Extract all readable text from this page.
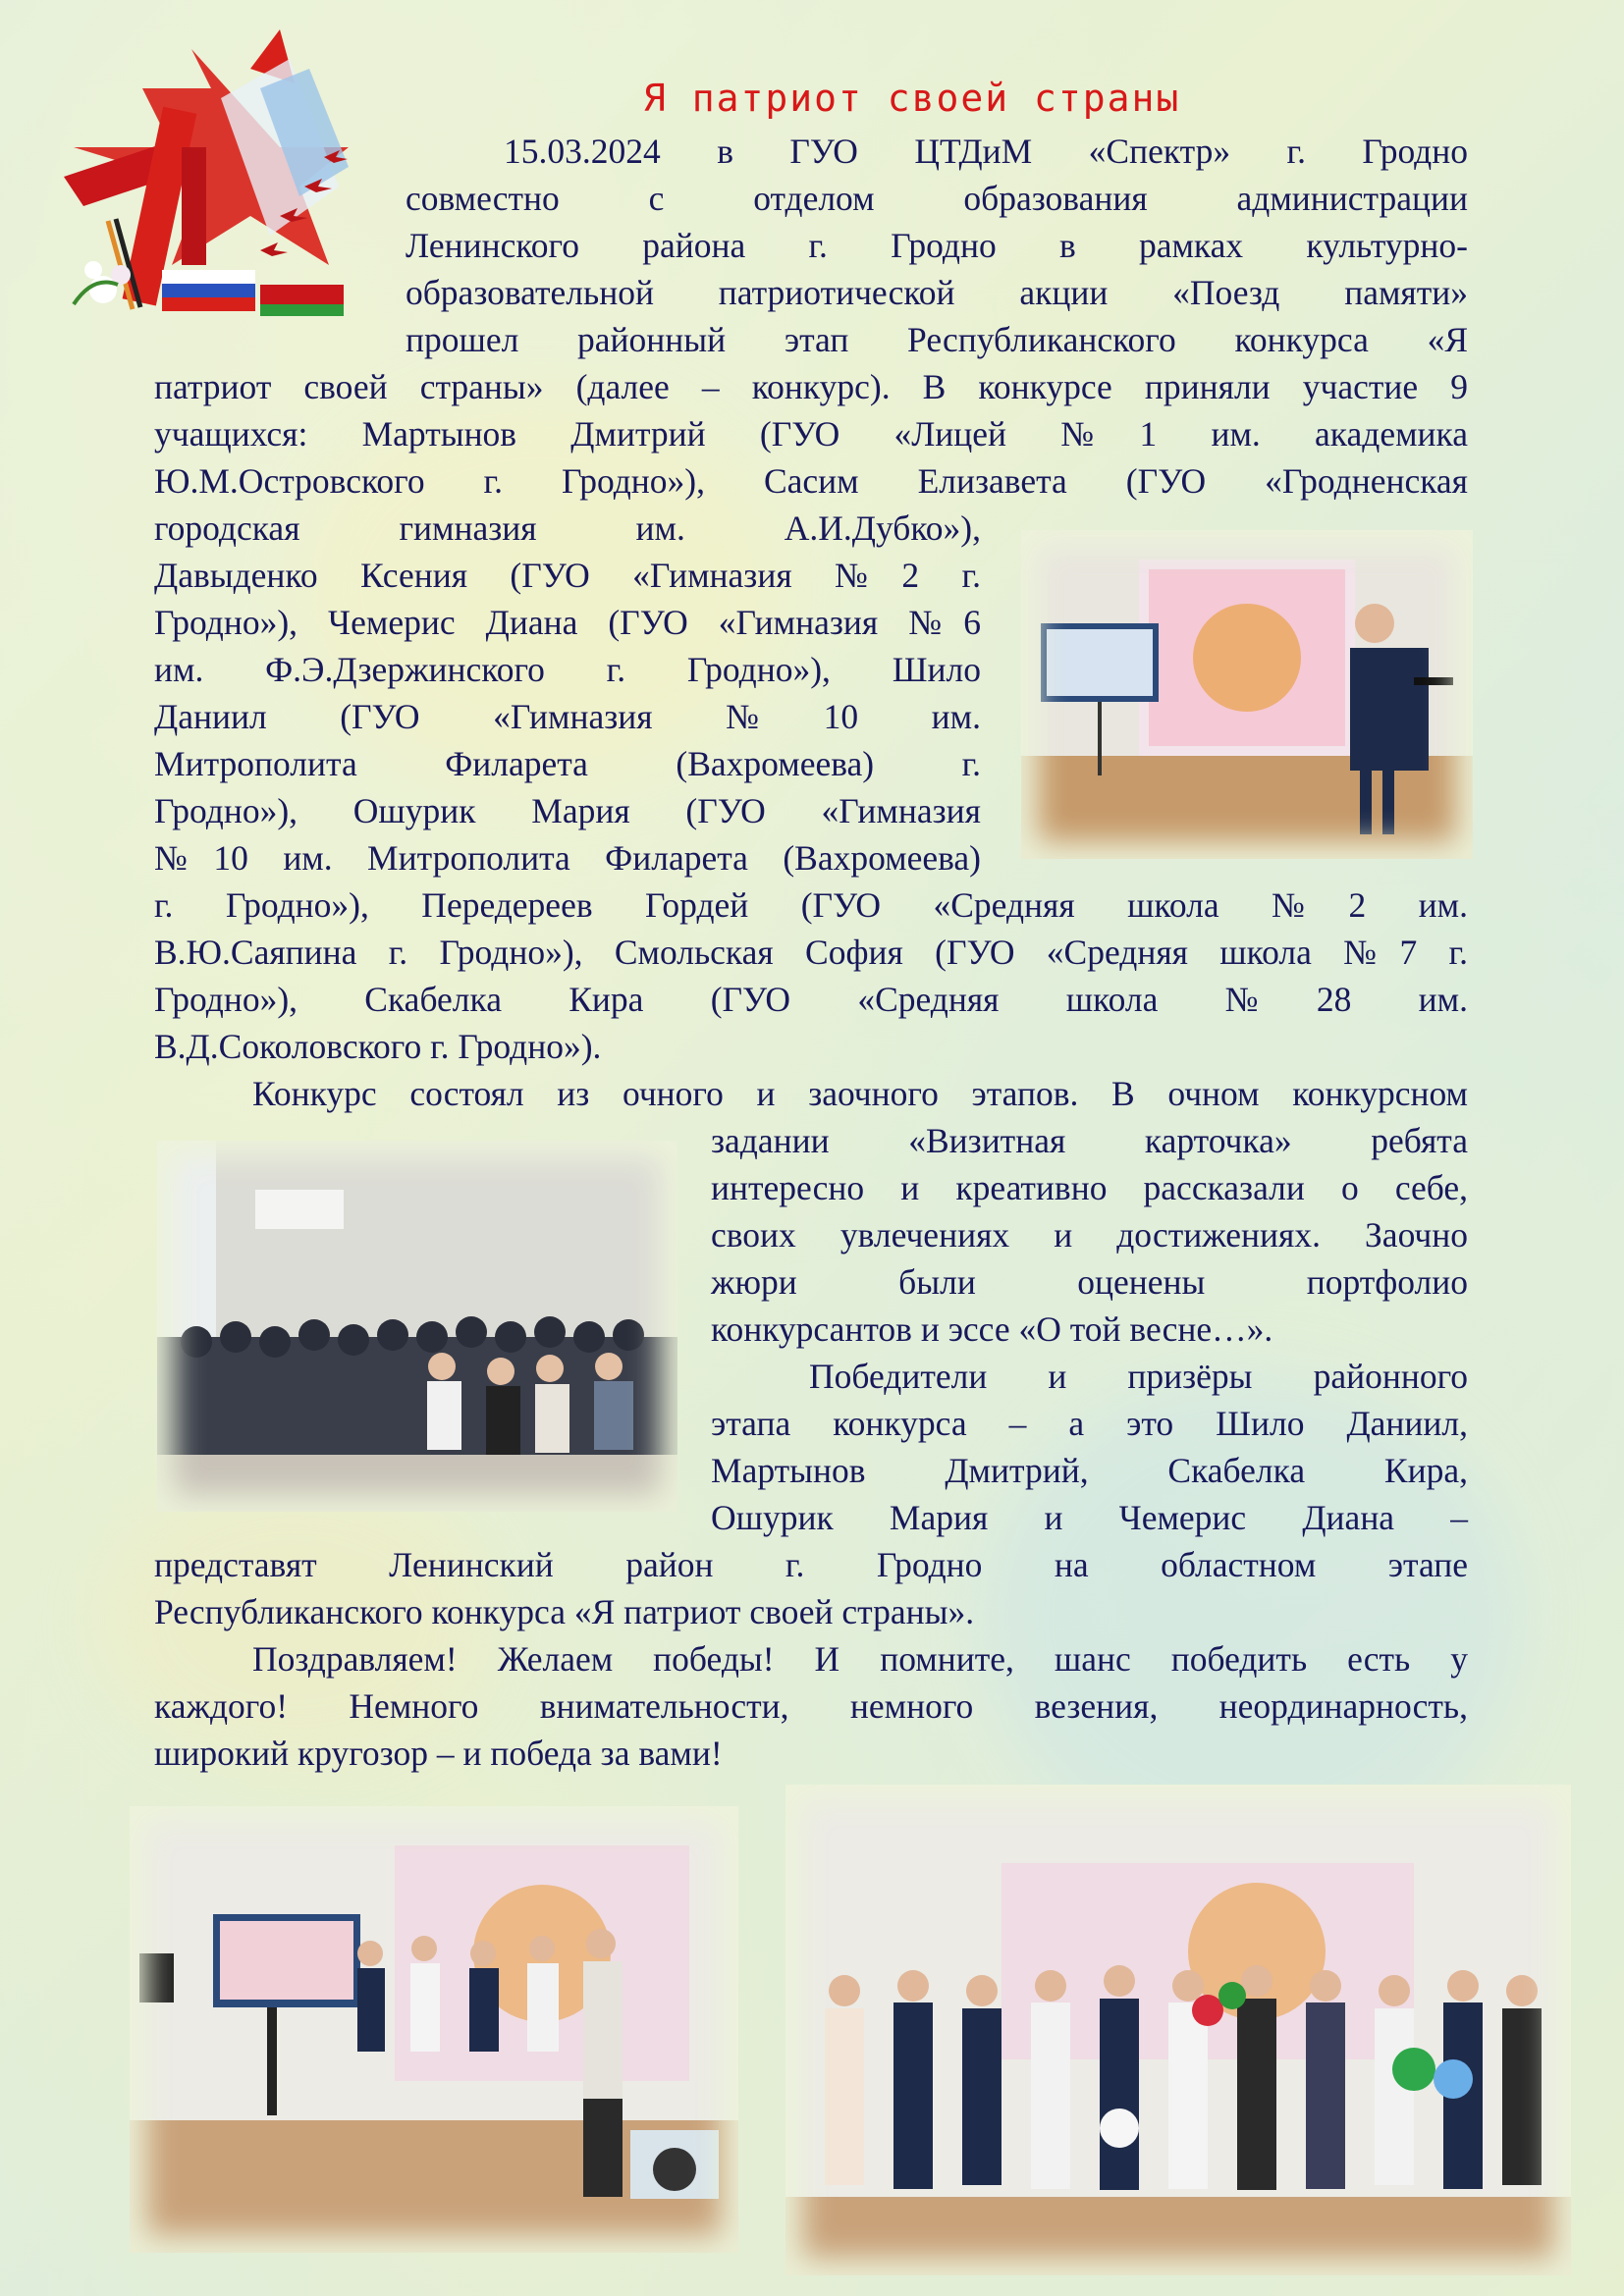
Я патриот своей страны
15.03.2024 в ГУО ЦТДиМ «Спектр» г. Гродно
совместно с отделом образования администрации
Ленинского района г. Гродно в рамках культурно-
образовательной патриотической акции «Поезд памяти»
прошел районный этап Республиканского конкурса «Я
патриот своей страны» (далее – конкурс). В конкурсе приняли участие 9
учащихся: Мартынов Дмитрий (ГУО «Лицей №1 им. академика
Ю.М.Островского г. Гродно»), Сасим Елизавета (ГУО «Гродненская
городская гимназия им. А.И.Дубко»),
Давыденко Ксения (ГУО «Гимназия №2 г.
Гродно»), Чемерис Диана (ГУО «Гимназия №6
им. Ф.Э.Дзержинского г. Гродно»), Шило
Даниил (ГУО «Гимназия №10 им.
Митрополита Филарета (Вахромеева) г.
Гродно»), Ошурик Мария (ГУО «Гимназия
№10 им. Митрополита Филарета (Вахромеева)
г. Гродно»), Передереев Гордей (ГУО «Средняя школа №2 им.
В.Ю.Саяпина г. Гродно»), Смольская София (ГУО «Средняя школа №7 г.
Гродно»), Скабелка Кира (ГУО «Средняя школа №28 им.
В.Д.Соколовского г. Гродно»).
Конкурс состоял из очного и заочного этапов. В очном конкурсном
задании «Визитная карточка» ребята
интересно и креативно рассказали о себе,
своих увлечениях и достижениях. Заочно
жюри были оценены портфолио
конкурсантов и эссе «О той весне…».
Победители и призёры районного
этапа конкурса – а это Шило Даниил,
Мартынов Дмитрий, Скабелка Кира,
Ошурик Мария и Чемерис Диана –
представят Ленинский район г. Гродно на областном этапе
Республиканского конкурса «Я патриот своей страны».
Поздравляем! Желаем победы! И помните, шанс победить есть у
каждого! Немного внимательности, немного везения, неординарность,
широкий кругозор – и победа за вами!
